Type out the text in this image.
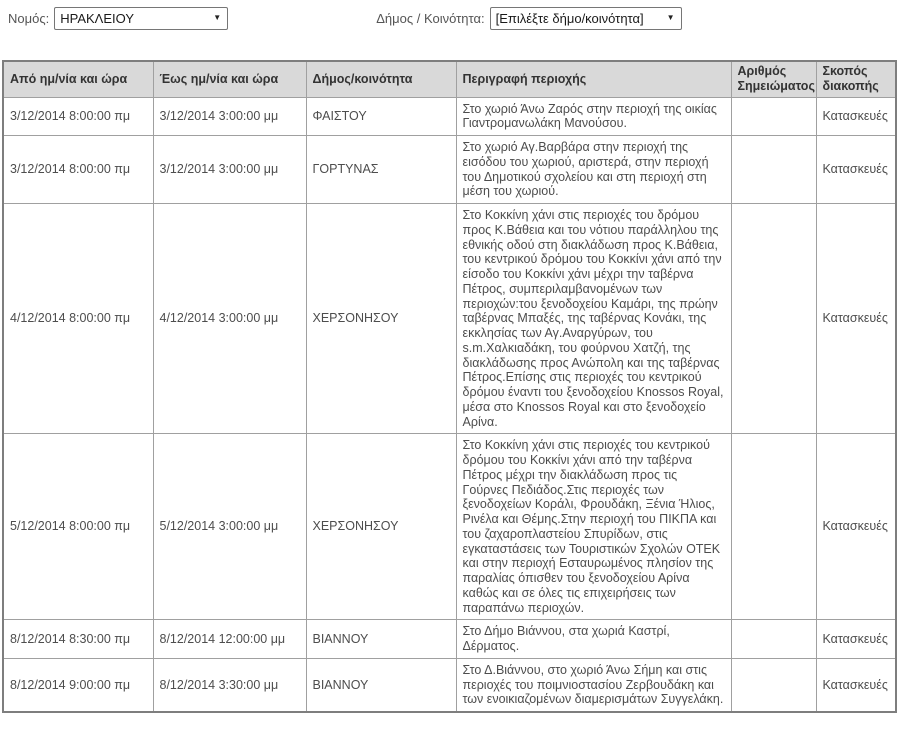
Νομός:
ΗΡΑΚΛΕΙΟΥ	▼	Δήμος / Κοινότητα:
[Επιλέξτε δήμο/κοινότητα]	▼
Από ημ/νία και ώρα	Έως ημ/νία και ώρα	Δήμος/κοινότητα	Περιγραφή περιοχής	Αριθμός Σημειώματος	Σκοπός διακοπής
3/12/2014 8:00:00 πμ	3/12/2014 3:00:00 μμ	ΦΑΙΣΤΟΥ	Στο χωριό Άνω Ζαρός στην περιοχή της οικίας Γιαντρομανωλάκη Μανούσου.		Κατασκευές
3/12/2014 8:00:00 πμ	3/12/2014 3:00:00 μμ	ΓΟΡΤΥΝΑΣ	Στο χωριό Αγ.Βαρβάρα στην περιοχή της εισόδου του χωριού, αριστερά, στην περιοχή του Δημοτικού σχολείου και στη περιοχή στη μέση του χωριού.		Κατασκευές
4/12/2014 8:00:00 πμ	4/12/2014 3:00:00 μμ	ΧΕΡΣΟΝΗΣΟΥ	Στο Κοκκίνη χάνι στις περιοχές του δρόμου προς Κ.Βάθεια και του νότιου παράλληλου της εθνικής οδού στη διακλάδωση προς Κ.Βάθεια, του κεντρικού δρόμου του Κοκκίνι χάνι από την είσοδο του Κοκκίνι χάνι μέχρι την ταβέρνα Πέτρος, συμπεριλαμβανομένων των περιοχών:του ξενοδοχείου Καμάρι, της πρώην ταβέρνας Μπαξές, της ταβέρνας Κονάκι, της εκκλησίας των Αγ.Αναργύρων, του s.m.Χαλκιαδάκη, του φούρνου Χατζή, της διακλάδωσης προς Ανώπολη και της ταβέρνας Πέτρος.Επίσης στις περιοχές του κεντρικού δρόμου έναντι του ξενοδοχείου Knossos Royal, μέσα στο Knossos Royal και στο ξενοδοχείο Αρίνα.		Κατασκευές
5/12/2014 8:00:00 πμ	5/12/2014 3:00:00 μμ	ΧΕΡΣΟΝΗΣΟΥ	Στο Κοκκίνη χάνι στις περιοχές του κεντρικού δρόμου του Κοκκίνι χάνι από την ταβέρνα Πέτρος μέχρι την διακλάδωση προς τις Γούρνες Πεδιάδος.Στις περιοχές των ξενοδοχείων Κοράλι, Φρουδάκη, Ξένια Ήλιος, Ρινέλα και Θέμης.Στην περιοχή του ΠΙΚΠΑ και του ζαχαροπλαστείου Σπυρίδων, στις εγκαταστάσεις των Τουριστικών Σχολών ΟΤΕΚ και στην περιοχή Εσταυρωμένος πλησίον της παραλίας όπισθεν του ξενοδοχείου Αρίνα καθώς και σε όλες τις επιχειρήσεις των παραπάνω περιοχών.		Κατασκευές
8/12/2014 8:30:00 πμ	8/12/2014 12:00:00 μμ	ΒΙΑΝΝΟΥ	Στο Δήμο Βιάννου, στα χωριά Καστρί, Δέρματος.		Κατασκευές
8/12/2014 9:00:00 πμ	8/12/2014 3:30:00 μμ	ΒΙΑΝΝΟΥ	Στο Δ.Βιάννου, στο χωριό Άνω Σήμη και στις περιοχές του ποιμνιοστασίου Ζερβουδάκη και των ενοικιαζομένων διαμερισμάτων Συγγελάκη.		Κατασκευές
